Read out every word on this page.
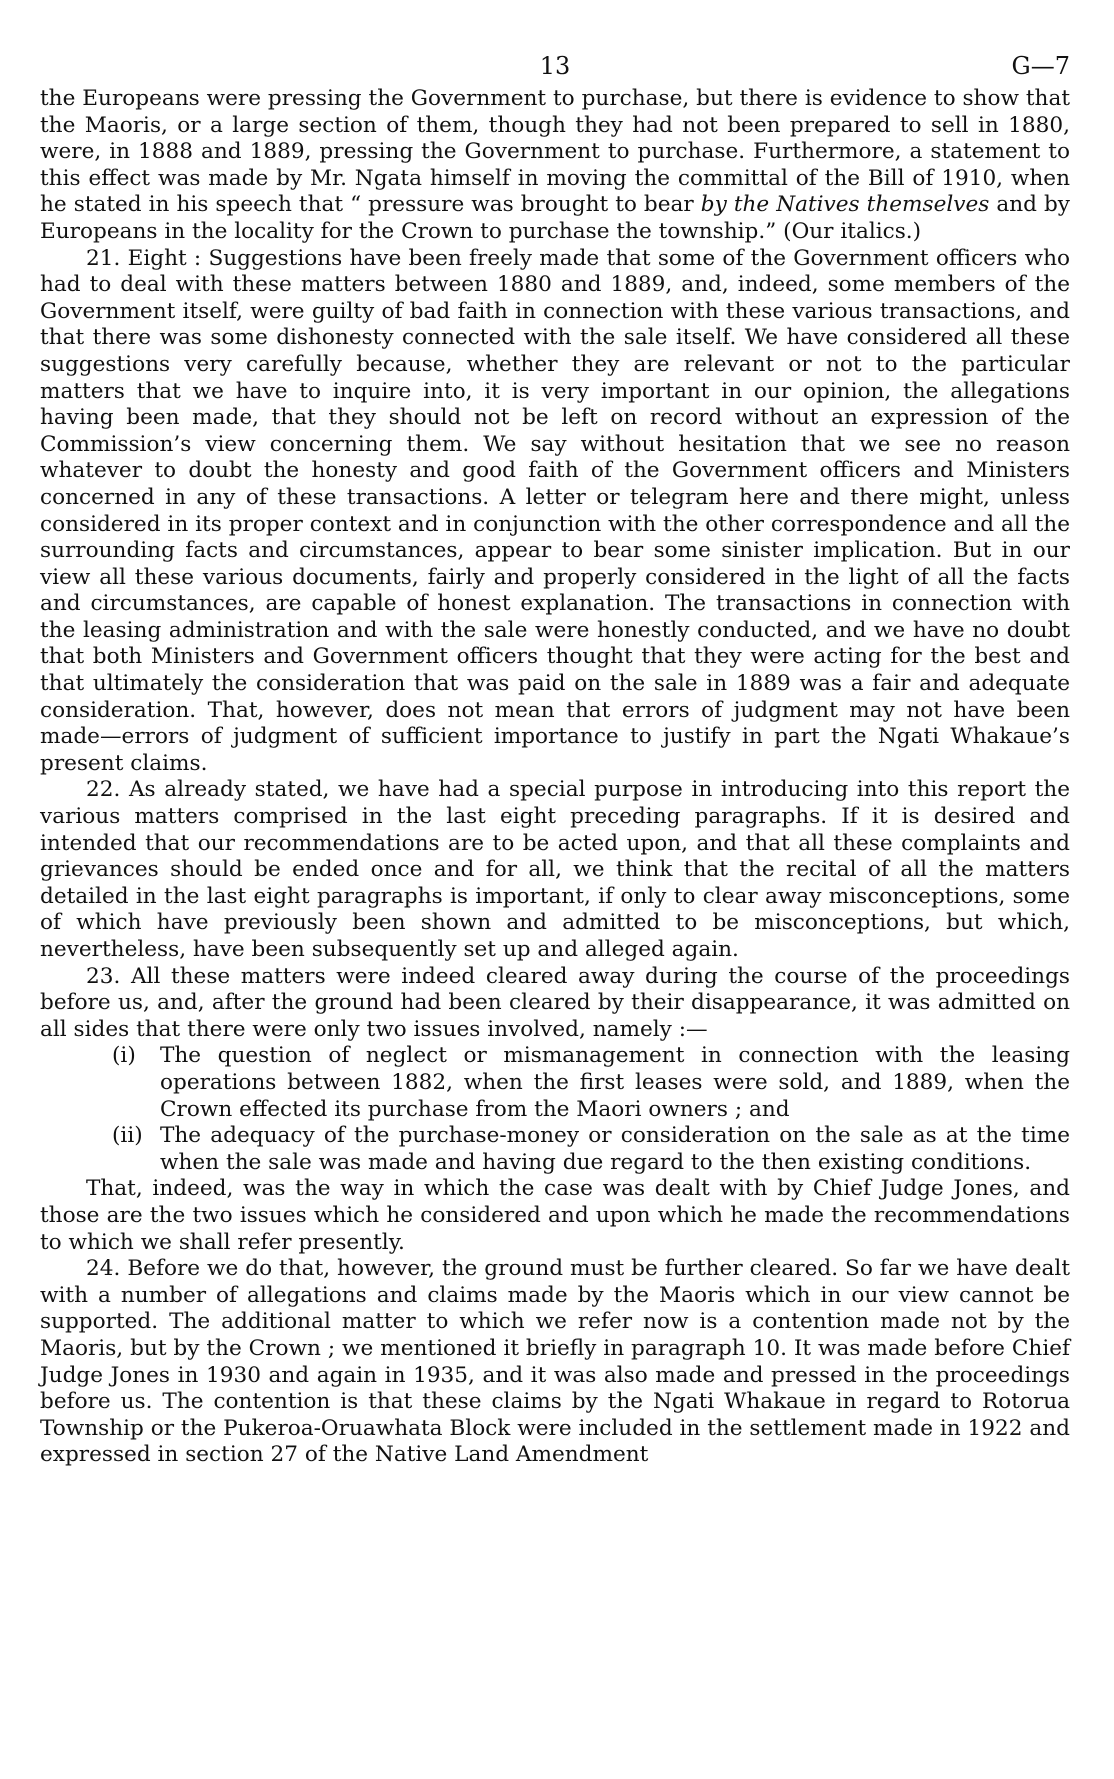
13	G—7

the Europeans were pressing the Government to purchase, but there is evidence to show that the Maoris, or a large section of them, though they had not been prepared to sell in 1880, were, in 1888 and 1889, pressing the Government to purchase. Furthermore, a statement to this effect was made by Mr. Ngata himself in moving the committal of the Bill of 1910, when he stated in his speech that “ pressure was brought to bear by the Natives themselves and by Europeans in the locality for the Crown to purchase the township.” (Our italics.)

21. Eight : Suggestions have been freely made that some of the Government officers who had to deal with these matters between 1880 and 1889, and, indeed, some members of the Government itself, were guilty of bad faith in connection with these various transactions, and that there was some dishonesty connected with the sale itself. We have considered all these suggestions very carefully because, whether they are relevant or not to the particular matters that we have to inquire into, it is very important in our opinion, the allegations having been made, that they should not be left on record without an expression of the Commission’s view concerning them. We say without hesitation that we see no reason whatever to doubt the honesty and good faith of the Government officers and Ministers concerned in any of these transactions. A letter or telegram here and there might, unless considered in its proper context and in conjunction with the other correspondence and all the surrounding facts and circumstances, appear to bear some sinister implication. But in our view all these various documents, fairly and properly considered in the light of all the facts and circumstances, are capable of honest explanation. The transactions in connection with the leasing administration and with the sale were honestly conducted, and we have no doubt that both Ministers and Government officers thought that they were acting for the best and that ultimately the consideration that was paid on the sale in 1889 was a fair and adequate consideration. That, however, does not mean that errors of judgment may not have been made—errors of judgment of sufficient importance to justify in part the Ngati Whakaue’s present claims.

22. As already stated, we have had a special purpose in introducing into this report the various matters comprised in the last eight preceding paragraphs. If it is desired and intended that our recommendations are to be acted upon, and that all these complaints and grievances should be ended once and for all, we think that the recital of all the matters detailed in the last eight paragraphs is important, if only to clear away misconceptions, some of which have previously been shown and admitted to be misconceptions, but which, nevertheless, have been subsequently set up and alleged again.

23. All these matters were indeed cleared away during the course of the proceedings before us, and, after the ground had been cleared by their disappearance, it was admitted on all sides that there were only two issues involved, namely :—

(i) The question of neglect or mismanagement in connection with the leasing operations between 1882, when the first leases were sold, and 1889, when the Crown effected its purchase from the Maori owners ; and
(ii) The adequacy of the purchase-money or consideration on the sale as at the time when the sale was made and having due regard to the then existing conditions.

That, indeed, was the way in which the case was dealt with by Chief Judge Jones, and those are the two issues which he considered and upon which he made the recommendations to which we shall refer presently.

24. Before we do that, however, the ground must be further cleared. So far we have dealt with a number of allegations and claims made by the Maoris which in our view cannot be supported. The additional matter to which we refer now is a contention made not by the Maoris, but by the Crown ; we mentioned it briefly in paragraph 10. It was made before Chief Judge Jones in 1930 and again in 1935, and it was also made and pressed in the proceedings before us. The contention is that these claims by the Ngati Whakaue in regard to Rotorua Township or the Pukeroa-Oruawhata Block were included in the settlement made in 1922 and expressed in section 27 of the Native Land Amendment
